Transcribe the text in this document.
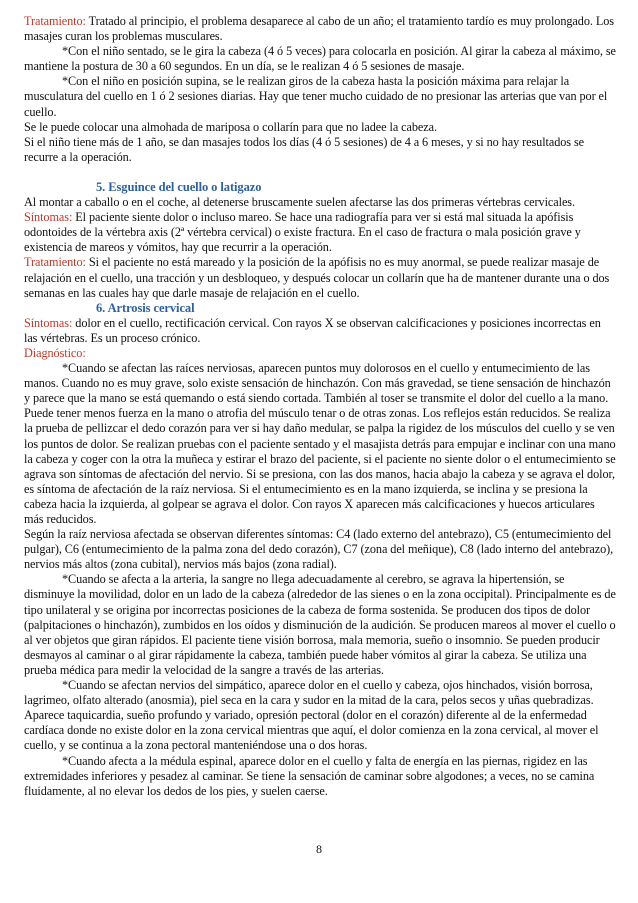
Tratamiento: Tratado al principio, el problema desaparece al cabo de un año; el tratamiento tardío es muy prolongado. Los masajes curan los problemas musculares.

*Con el niño sentado, se le gira la cabeza (4 ó 5 veces) para colocarla en posición. Al girar la cabeza al máximo, se mantiene la postura de 30 a 60 segundos. En un día, se le realizan 4 ó 5 sesiones de masaje.

*Con el niño en posición supina, se le realizan giros de la cabeza hasta la posición máxima para relajar la musculatura del cuello en 1 ó 2 sesiones diarias. Hay que tener mucho cuidado de no presionar las arterias que van por el cuello.

Se le puede colocar una almohada de mariposa o collarín para que no ladee la cabeza.

Si el niño tiene más de 1 año, se dan masajes todos los días (4 ó 5 sesiones) de 4 a 6 meses, y si no hay resultados se recurre a la operación.

5. Esguince del cuello o latigazo

Al montar a caballo o en el coche, al detenerse bruscamente suelen afectarse las dos primeras vértebras cervicales.

Síntomas: El paciente siente dolor o incluso mareo. Se hace una radiografía para ver si está mal situada la apófisis odontoides de la vértebra axis (2ª vértebra cervical) o existe fractura. En el caso de fractura o mala posición grave y existencia de mareos y vómitos, hay que recurrir a la operación.

Tratamiento: Si el paciente no está mareado y la posición de la apófisis no es muy anormal, se puede realizar masaje de relajación en el cuello, una tracción y un desbloqueo, y después colocar un collarín que ha de mantener durante una o dos semanas en las cuales hay que darle masaje de relajación en el cuello.

6. Artrosis cervical

Síntomas: dolor en el cuello, rectificación cervical. Con rayos X se observan calcificaciones y posiciones incorrectas en las vértebras. Es un proceso crónico.

Diagnóstico:

*Cuando se afectan las raíces nerviosas, aparecen puntos muy dolorosos en el cuello y entumecimiento de las manos. Cuando no es muy grave, solo existe sensación de hinchazón. Con más gravedad, se tiene sensación de hinchazón y parece que la mano se está quemando o está siendo cortada. También al toser se transmite el dolor del cuello a la mano. Puede tener menos fuerza en la mano o atrofia del músculo tenar o de otras zonas. Los reflejos están reducidos. Se realiza la prueba de pellizcar el dedo corazón para ver si hay daño medular, se palpa la rigidez de los músculos del cuello y se ven los puntos de dolor. Se realizan pruebas con el paciente sentado y el masajista detrás para empujar e inclinar con una mano la cabeza y coger con la otra la muñeca y estirar el brazo del paciente, si el paciente no siente dolor o el entumecimiento se agrava son síntomas de afectación del nervio. Si se presiona, con las dos manos, hacia abajo la cabeza y se agrava el dolor, es síntoma de afectación de la raíz nerviosa. Si el entumecimiento es en la mano izquierda, se inclina y se presiona la cabeza hacia la izquierda, al golpear se agrava el dolor. Con rayos X aparecen más calcificaciones y huecos articulares más reducidos.

Según la raíz nerviosa afectada se observan diferentes síntomas: C4 (lado externo del antebrazo), C5 (entumecimiento del pulgar), C6 (entumecimiento de la palma zona del dedo corazón), C7 (zona del meñique), C8 (lado interno del antebrazo), nervios más altos (zona cubital), nervios más bajos (zona radial).

*Cuando se afecta a la arteria, la sangre no llega adecuadamente al cerebro, se agrava la hipertensión, se disminuye la movilidad, dolor en un lado de la cabeza (alrededor de las sienes o en la zona occipital). Principalmente es de tipo unilateral y se origina por incorrectas posiciones de la cabeza de forma sostenida. Se producen dos tipos de dolor (palpitaciones o hinchazón), zumbidos en los oídos y disminución de la audición. Se producen mareos al mover el cuello o al ver objetos que giran rápidos. El paciente tiene visión borrosa, mala memoria, sueño o insomnio. Se pueden producir desmayos al caminar o al girar rápidamente la cabeza, también puede haber vómitos al girar la cabeza. Se utiliza una prueba médica para medir la velocidad de la sangre a través de las arterias.

*Cuando se afectan nervios del simpático, aparece dolor en el cuello y cabeza, ojos hinchados, visión borrosa, lagrimeo, olfato alterado (anosmia), piel seca en la cara y sudor en la mitad de la cara, pelos secos y uñas quebradizas. Aparece taquicardia, sueño profundo y variado, opresión pectoral (dolor en el corazón) diferente al de la enfermedad cardíaca donde no existe dolor en la zona cervical mientras que aquí, el dolor comienza en la zona cervical, al mover el cuello, y se continua a la zona pectoral manteniéndose una o dos horas.

*Cuando afecta a la médula espinal, aparece dolor en el cuello y falta de energía en las piernas, rigidez en las extremidades inferiores y pesadez al caminar. Se tiene la sensación de caminar sobre algodones; a veces, no se camina fluidamente, al no elevar los dedos de los pies, y suelen caerse.

8
